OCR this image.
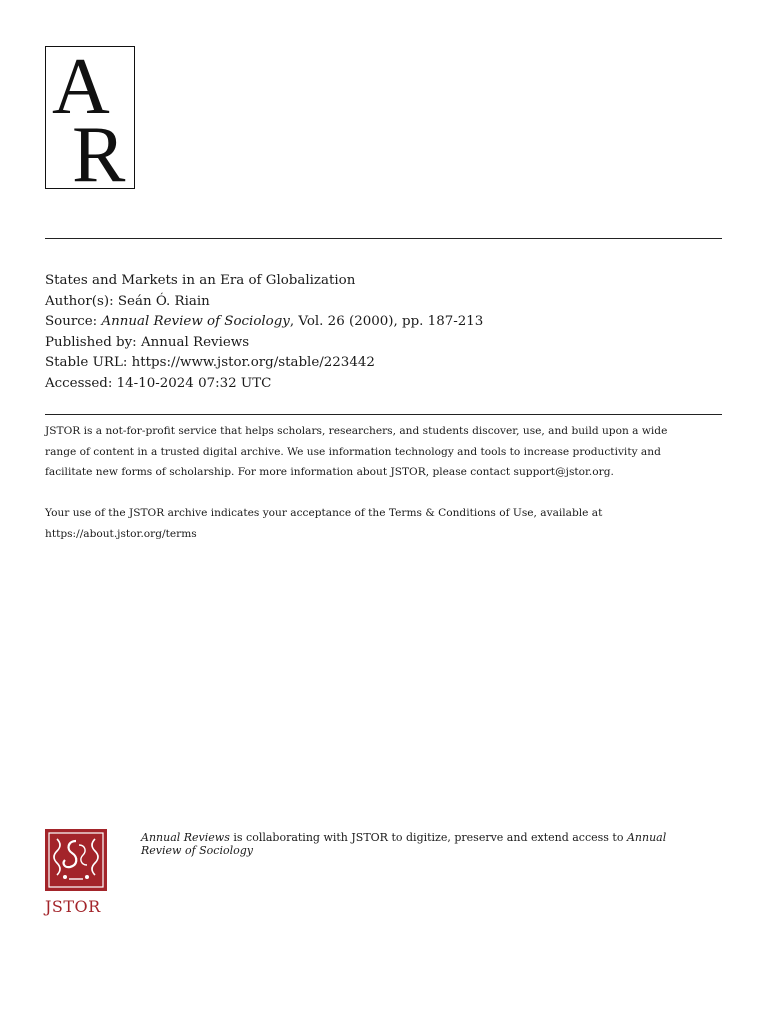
A
R
States and Markets in an Era of Globalization
Author(s): Seán Ó. Riain
Source: Annual Review of Sociology, Vol. 26 (2000), pp. 187-213
Published by: Annual Reviews
Stable URL: https://www.jstor.org/stable/223442
Accessed: 14-10-2024 07:32 UTC
JSTOR is a not-for-profit service that helps scholars, researchers, and students discover, use, and build upon a wide
range of content in a trusted digital archive. We use information technology and tools to increase productivity and
facilitate new forms of scholarship. For more information about JSTOR, please contact support@jstor.org.
Your use of the JSTOR archive indicates your acceptance of the Terms & Conditions of Use, available at
https://about.jstor.org/terms
JSTOR
Annual Reviews is collaborating with JSTOR to digitize, preserve and extend access to Annual
Review of Sociology
